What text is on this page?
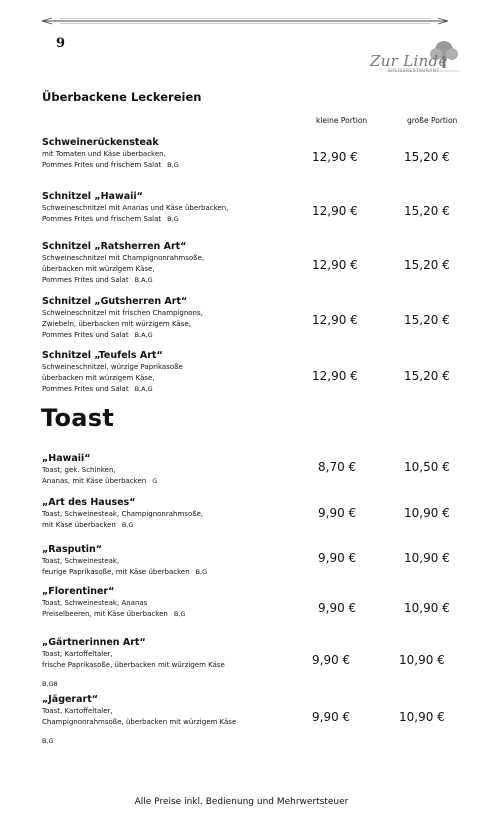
9
Zur Linde
SPEISERESTAURANT
Überbackene Leckereien
kleine Portion	große Portion
Schweinerückensteak
mit Tomaten und Käse überbacken,
Pommes Frites und frischem Salat B,G
12,90 €	15,20 €
Schnitzel „Hawaii“
Schweineschnitzel mit Ananas und Käse überbacken,
Pommes Frites und frischem Salat B,G
12,90 €	15,20 €
Schnitzel „Ratsherren Art“
Schweineschnitzel mit Champignonrahmsoße,
überbacken mit würzigem Käse,
Pommes Frites und Salat B,A,G
12,90 €	15,20 €
Schnitzel „Gutsherren Art“
Schweineschnitzel mit frischen Champignons,
Zwiebeln, überbacken mit würzigem Käse,
Pommes Frites und Salat B,A,G
12,90 €	15,20 €
Schnitzel „Teufels Art“
Schweineschnitzel, würzige Paprikasoße
überbacken mit würzigem Käse,
Pommes Frites und Salat B,A,G
12,90 €	15,20 €
Toast
„Hawaii“
Toast, gek. Schinken,
Ananas, mit Käse überbacken G
8,70 €	10,50 €
„Art des Hauses“
Toast, Schweinesteak, Champignonrahmsoße,
mit Käse überbacken B,G
9,90 €	10,90 €
„Rasputin“
Toast, Schweinesteak,
feurige Paprikasoße, mit Käse überbacken B,G
9,90 €	10,90 €
„Florentiner“
Toast, Schweinesteak, Ananas
Preiselbeeren, mit Käse überbacken B,G	9,90 €	10,90 €
„Gärtnerinnen Art“
Toast, Kartoffeltaler,
frische Paprikasoße, überbacken mit würzigem Käse
B,G8
9,90 €	10,90 €
„Jägerart“
Toast, Kartoffeltaler,
Champignonrahmsoße, überbacken mit würzigem Käse
B,G
9,90 €	10,90 €
Alle Preise inkl. Bedienung und Mehrwertsteuer
